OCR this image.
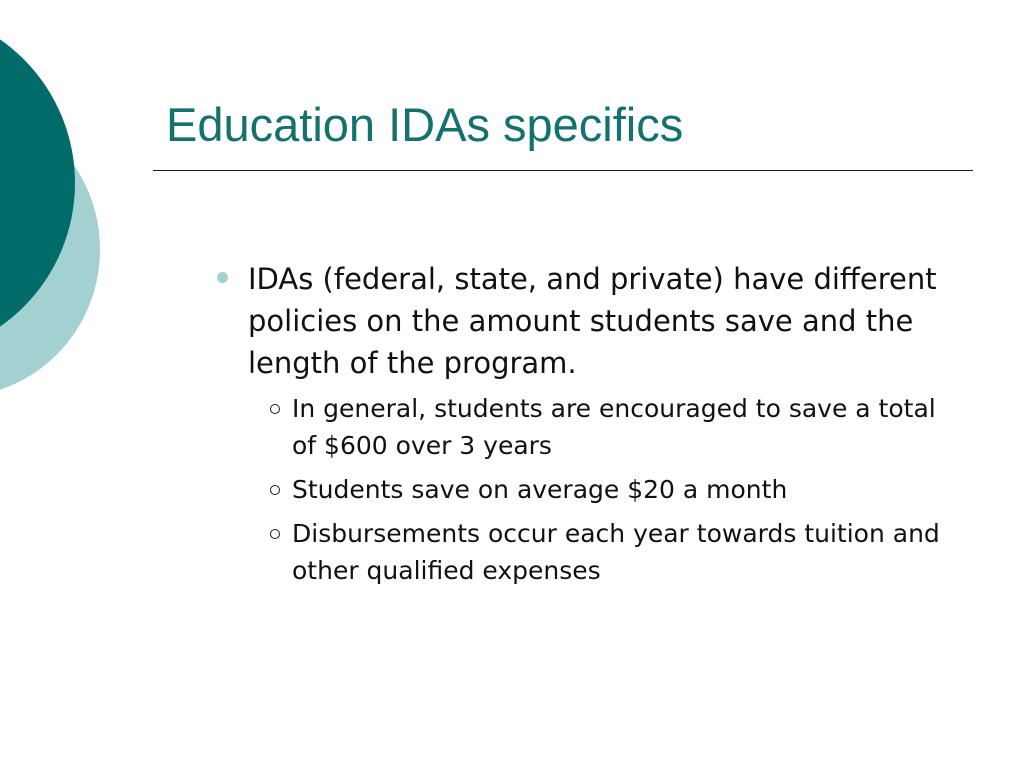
Education IDAs specifics
IDAs (federal, state, and private) have different policies on the amount students save and the length of the program.
In general, students are encouraged to save a total of $600 over 3 years
Students save on average $20 a month
Disbursements occur each year towards tuition and other qualified expenses
